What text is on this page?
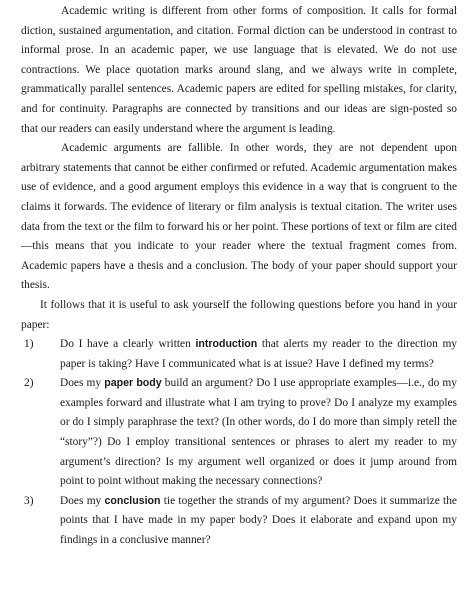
Academic writing is different from other forms of composition. It calls for formal diction, sustained argumentation, and citation. Formal diction can be understood in contrast to informal prose. In an academic paper, we use language that is elevated. We do not use contractions. We place quotation marks around slang, and we always write in complete, grammatically parallel sentences. Academic papers are edited for spelling mistakes, for clarity, and for continuity. Paragraphs are connected by transitions and our ideas are sign-posted so that our readers can easily understand where the argument is leading.

Academic arguments are fallible. In other words, they are not dependent upon arbitrary statements that cannot be either confirmed or refuted. Academic argumentation makes use of evidence, and a good argument employs this evidence in a way that is congruent to the claims it forwards. The evidence of literary or film analysis is textual citation. The writer uses data from the text or the film to forward his or her point. These portions of text or film are cited—this means that you indicate to your reader where the textual fragment comes from. Academic papers have a thesis and a conclusion. The body of your paper should support your thesis.

It follows that it is useful to ask yourself the following questions before you hand in your paper:

1) Do I have a clearly written introduction that alerts my reader to the direction my paper is taking? Have I communicated what is at issue? Have I defined my terms?
2) Does my paper body build an argument? Do I use appropriate examples—i.e., do my examples forward and illustrate what I am trying to prove? Do I analyze my examples or do I simply paraphrase the text? (In other words, do I do more than simply retell the “story”?) Do I employ transitional sentences or phrases to alert my reader to my argument’s direction? Is my argument well organized or does it jump around from point to point without making the necessary connections?
3) Does my conclusion tie together the strands of my argument? Does it summarize the points that I have made in my paper body? Does it elaborate and expand upon my findings in a conclusive manner?
